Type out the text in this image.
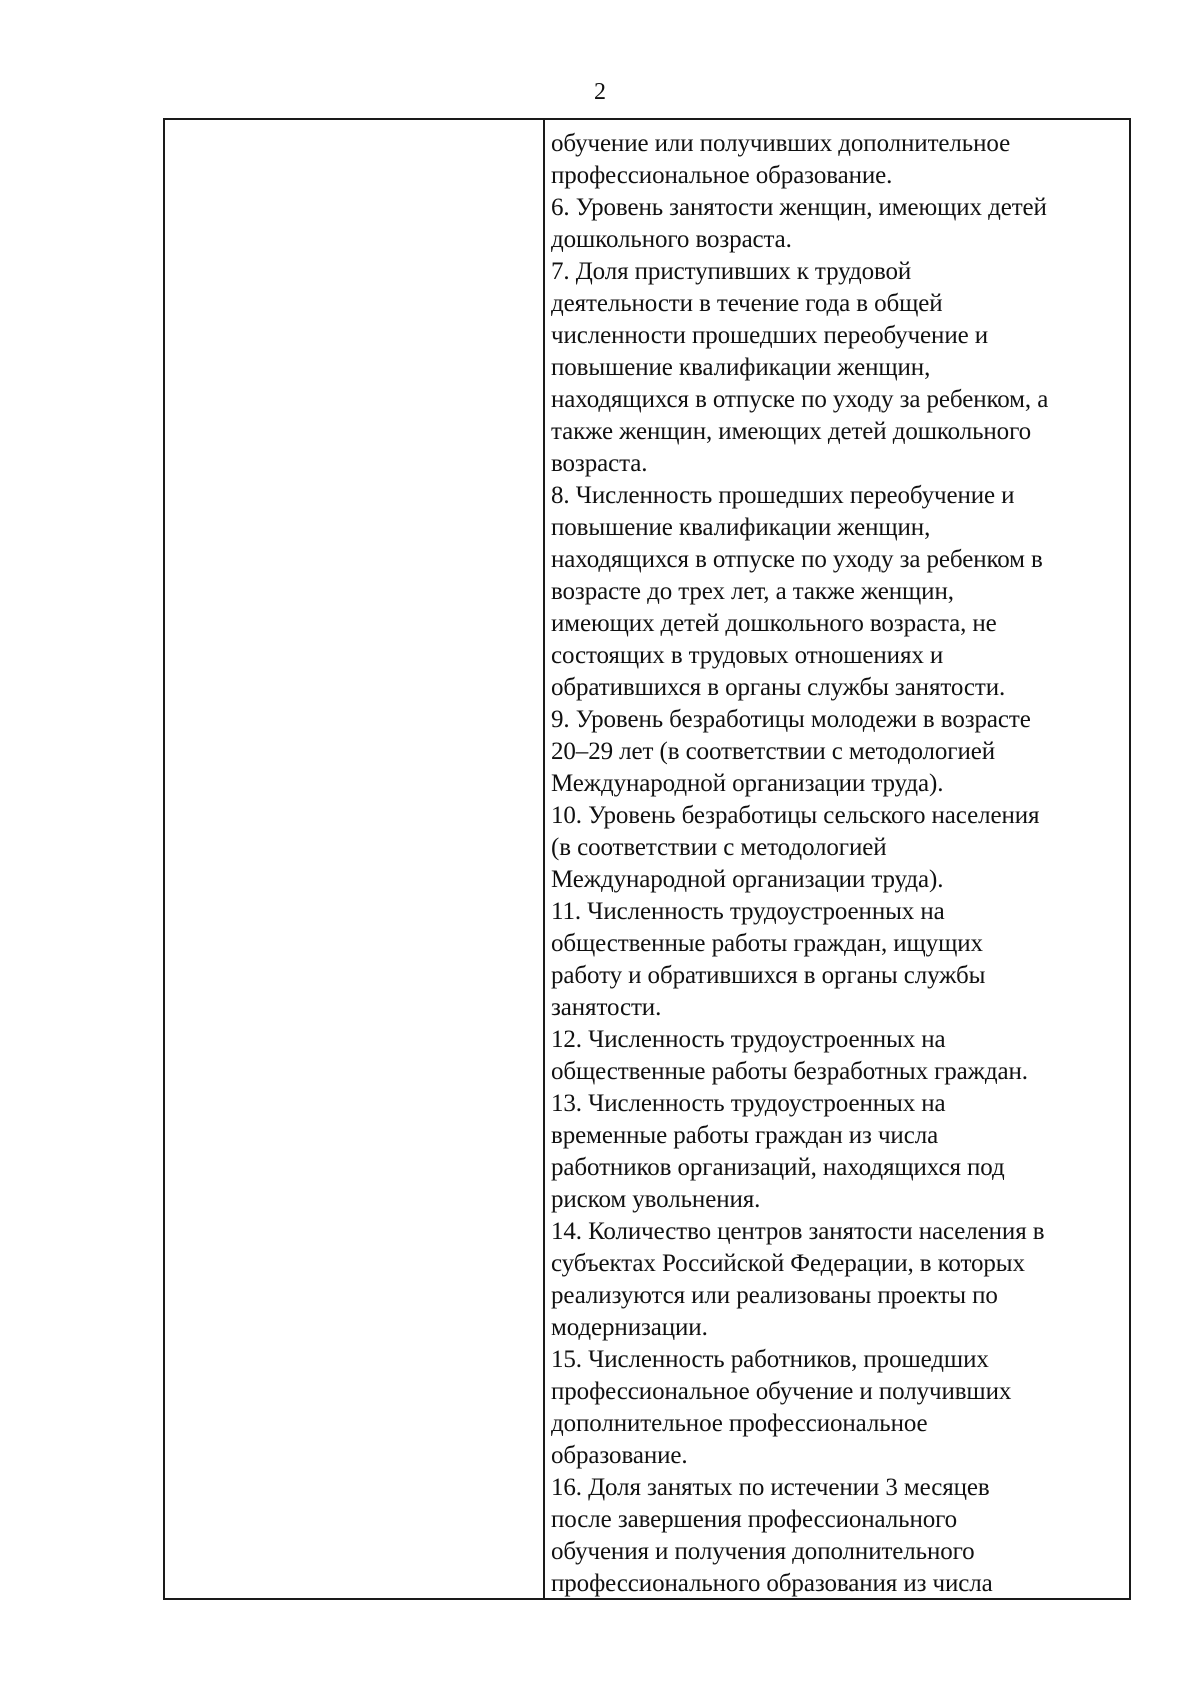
2
обучение или получивших дополнительное
профессиональное образование.
6. Уровень занятости женщин, имеющих детей
дошкольного возраста.
7. Доля приступивших к трудовой
деятельности в течение года в общей
численности прошедших переобучение и
повышение квалификации женщин,
находящихся в отпуске по уходу за ребенком, а
также женщин, имеющих детей дошкольного
возраста.
8. Численность прошедших переобучение и
повышение квалификации женщин,
находящихся в отпуске по уходу за ребенком в
возрасте до трех лет, а также женщин,
имеющих детей дошкольного возраста, не
состоящих в трудовых отношениях и
обратившихся в органы службы занятости.
9. Уровень безработицы молодежи в возрасте
20–29 лет (в соответствии с методологией
Международной организации труда).
10. Уровень безработицы сельского населения
(в соответствии с методологией
Международной организации труда).
11. Численность трудоустроенных на
общественные работы граждан, ищущих
работу и обратившихся в органы службы
занятости.
12. Численность трудоустроенных на
общественные работы безработных граждан.
13. Численность трудоустроенных на
временные работы граждан из числа
работников организаций, находящихся под
риском увольнения.
14. Количество центров занятости населения в
субъектах Российской Федерации, в которых
реализуются или реализованы проекты по
модернизации.
15. Численность работников, прошедших
профессиональное обучение и получивших
дополнительное профессиональное
образование.
16. Доля занятых по истечении 3 месяцев
после завершения профессионального
обучения и получения дополнительного
профессионального образования из числа
